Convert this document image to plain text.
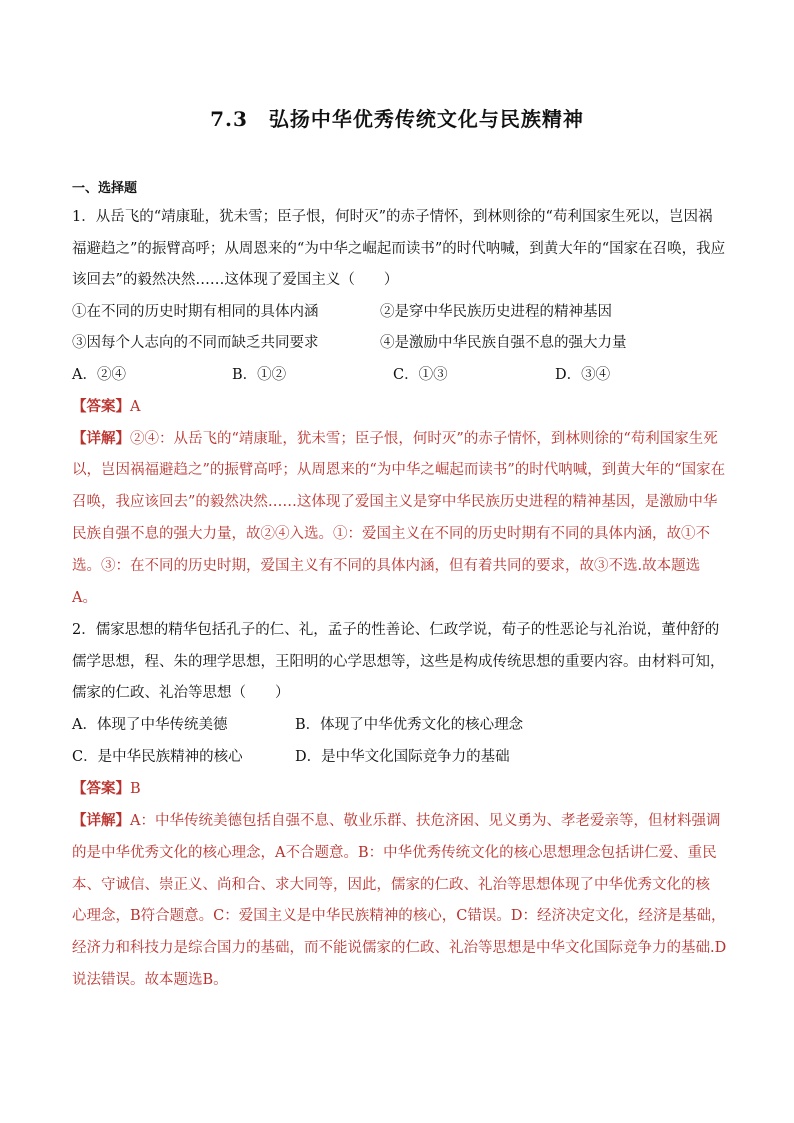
7.3　弘扬中华优秀传统文化与民族精神
一、选择题
1．从岳飞的“靖康耻，犹未雪；臣子恨，何时灭”的赤子情怀，到林则徐的“苟利国家生死以，岂因祸
福避趋之”的振臂高呼；从周恩来的“为中华之崛起而读书”的时代呐喊，到黄大年的“国家在召唤，我应
该回去”的毅然决然……这体现了爱国主义（　　）
①在不同的历史时期有相同的具体内涵	②是穿中华民族历史进程的精神基因
③因每个人志向的不同而缺乏共同要求	④是激励中华民族自强不息的强大力量
A．②④	B．①②	C．①③	D．③④
【答案】A
【详解】②④：从岳飞的“靖康耻，犹未雪；臣子恨，何时灭”的赤子情怀，到林则徐的“苟利国家生死
以，岂因祸福避趋之”的振臂高呼；从周恩来的“为中华之崛起而读书”的时代呐喊，到黄大年的“国家在
召唤，我应该回去”的毅然决然……这体现了爱国主义是穿中华民族历史进程的精神基因，是激励中华
民族自强不息的强大力量，故②④入选。①：爱国主义在不同的历史时期有不同的具体内涵，故①不
选。③：在不同的历史时期，爱国主义有不同的具体内涵，但有着共同的要求，故③不选.故本题选
A。
2．儒家思想的精华包括孔子的仁、礼，孟子的性善论、仁政学说，荀子的性恶论与礼治说，董仲舒的
儒学思想，程、朱的理学思想，王阳明的心学思想等，这些是构成传统思想的重要内容。由材料可知，
儒家的仁政、礼治等思想（　　）
A．体现了中华传统美德	B．体现了中华优秀文化的核心理念
C．是中华民族精神的核心	D．是中华文化国际竞争力的基础
【答案】B
【详解】A：中华传统美德包括自强不息、敬业乐群、扶危济困、见义勇为、孝老爱亲等，但材料强调
的是中华优秀文化的核心理念，A不合题意。B：中华优秀传统文化的核心思想理念包括讲仁爱、重民
本、守诚信、崇正义、尚和合、求大同等，因此，儒家的仁政、礼治等思想体现了中华优秀文化的核
心理念，B符合题意。C：爱国主义是中华民族精神的核心，C错误。D：经济决定文化，经济是基础，
经济力和科技力是综合国力的基础，而不能说儒家的仁政、礼治等思想是中华文化国际竞争力的基础.D
说法错误。故本题选B。
